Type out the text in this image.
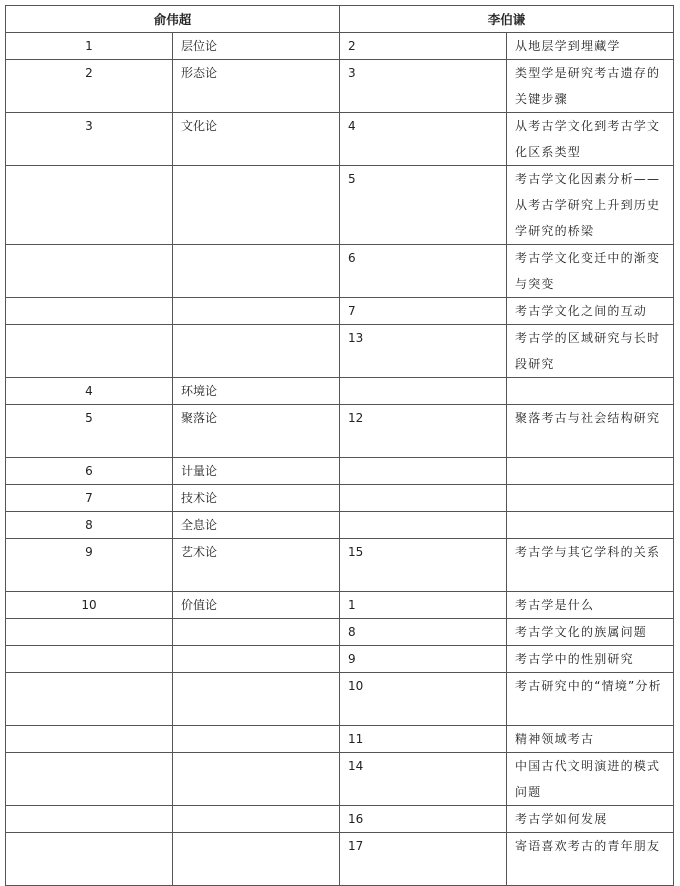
俞伟超		李伯谦	
1	层位论	2	从地层学到埋藏学
2	形态论	3	类型学是研究考古遗存的关键步骤
3	文化论	4	从考古学文化到考古学文化区系类型
		5	考古学文化因素分析——从考古学研究上升到历史学研究的桥梁
		6	考古学文化变迁中的渐变与突变
		7	考古学文化之间的互动
		13	考古学的区域研究与长时段研究
4	环境论		
5	聚落论	12	聚落考古与社会结构研究
6	计量论		
7	技术论		
8	全息论		
9	艺术论	15	考古学与其它学科的关系
10	价值论	1	考古学是什么
		8	考古学文化的族属问题
		9	考古学中的性别研究
		10	考古研究中的“情境”分析
		11	精神领域考古
		14	中国古代文明演进的模式问题
		16	考古学如何发展
		17	寄语喜欢考古的青年朋友
